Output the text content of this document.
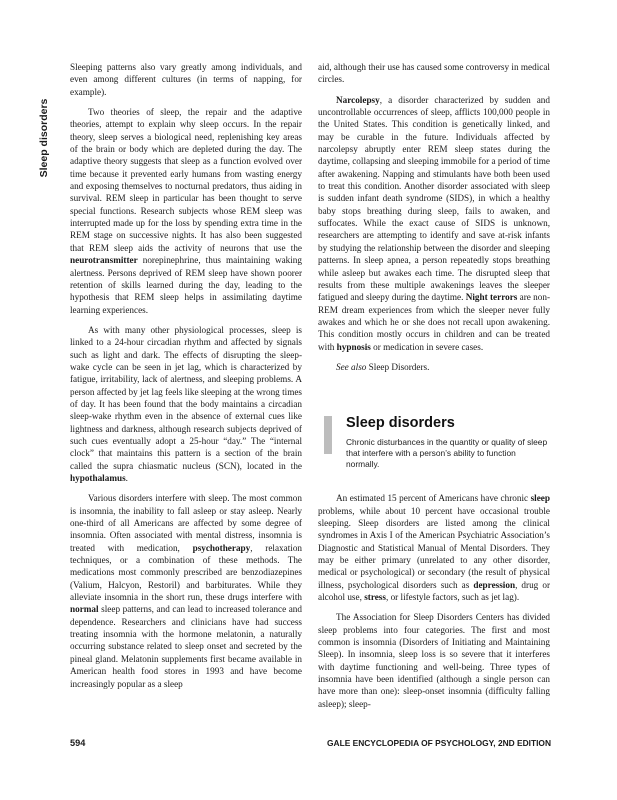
Sleep disorders

Sleeping patterns also vary greatly among individuals, and even among different cultures (in terms of napping, for example).

Two theories of sleep, the repair and the adaptive theories, attempt to explain why sleep occurs. In the repair theory, sleep serves a biological need, replenishing key areas of the brain or body which are depleted during the day. The adaptive theory suggests that sleep as a function evolved over time because it prevented early humans from wasting energy and exposing themselves to nocturnal predators, thus aiding in survival. REM sleep in particular has been thought to serve special functions. Research subjects whose REM sleep was interrupted made up for the loss by spending extra time in the REM stage on successive nights. It has also been suggested that REM sleep aids the activity of neurons that use the neurotransmitter norepinephrine, thus maintaining waking alertness. Persons deprived of REM sleep have shown poorer retention of skills learned during the day, leading to the hypothesis that REM sleep helps in assimilating daytime learning experiences.

As with many other physiological processes, sleep is linked to a 24-hour circadian rhythm and affected by signals such as light and dark. The effects of disrupting the sleep-wake cycle can be seen in jet lag, which is characterized by fatigue, irritability, lack of alertness, and sleeping problems. A person affected by jet lag feels like sleeping at the wrong times of day. It has been found that the body maintains a circadian sleep-wake rhythm even in the absence of external cues like lightness and darkness, although research subjects deprived of such cues eventually adopt a 25-hour “day.” The “internal clock” that maintains this pattern is a section of the brain called the supra chiasmatic nucleus (SCN), located in the hypothalamus.

Various disorders interfere with sleep. The most common is insomnia, the inability to fall asleep or stay asleep. Nearly one-third of all Americans are affected by some degree of insomnia. Often associated with mental distress, insomnia is treated with medication, psychotherapy, relaxation techniques, or a combination of these methods. The medications most commonly prescribed are benzodiazepines (Valium, Halcyon, Restoril) and barbiturates. While they alleviate insomnia in the short run, these drugs interfere with normal sleep patterns, and can lead to increased tolerance and dependence. Researchers and clinicians have had success treating insomnia with the hormone melatonin, a naturally occurring substance related to sleep onset and secreted by the pineal gland. Melatonin supplements first became available in American health food stores in 1993 and have become increasingly popular as a sleep

aid, although their use has caused some controversy in medical circles.

Narcolepsy, a disorder characterized by sudden and uncontrollable occurrences of sleep, afflicts 100,000 people in the United States. This condition is genetically linked, and may be curable in the future. Individuals affected by narcolepsy abruptly enter REM sleep states during the daytime, collapsing and sleeping immobile for a period of time after awakening. Napping and stimulants have both been used to treat this condition. Another disorder associated with sleep is sudden infant death syndrome (SIDS), in which a healthy baby stops breathing during sleep, fails to awaken, and suffocates. While the exact cause of SIDS is unknown, researchers are attempting to identify and save at-risk infants by studying the relationship between the disorder and sleeping patterns. In sleep apnea, a person repeatedly stops breathing while asleep but awakes each time. The disrupted sleep that results from these multiple awakenings leaves the sleeper fatigued and sleepy during the daytime. Night terrors are non-REM dream experiences from which the sleeper never fully awakes and which he or she does not recall upon awakening. This condition mostly occurs in children and can be treated with hypnosis or medication in severe cases.

See also Sleep Disorders.

Sleep disorders

Chronic disturbances in the quantity or quality of sleep that interfere with a person’s ability to function normally.

An estimated 15 percent of Americans have chronic sleep problems, while about 10 percent have occasional trouble sleeping. Sleep disorders are listed among the clinical syndromes in Axis I of the American Psychiatric Association’s Diagnostic and Statistical Manual of Mental Disorders. They may be either primary (unrelated to any other disorder, medical or psychological) or secondary (the result of physical illness, psychological disorders such as depression, drug or alcohol use, stress, or lifestyle factors, such as jet lag).

The Association for Sleep Disorders Centers has divided sleep problems into four categories. The first and most common is insomnia (Disorders of Initiating and Maintaining Sleep). In insomnia, sleep loss is so severe that it interferes with daytime functioning and well-being. Three types of insomnia have been identified (although a single person can have more than one): sleep-onset insomnia (difficulty falling asleep); sleep-

594	GALE ENCYCLOPEDIA OF PSYCHOLOGY, 2ND EDITION
